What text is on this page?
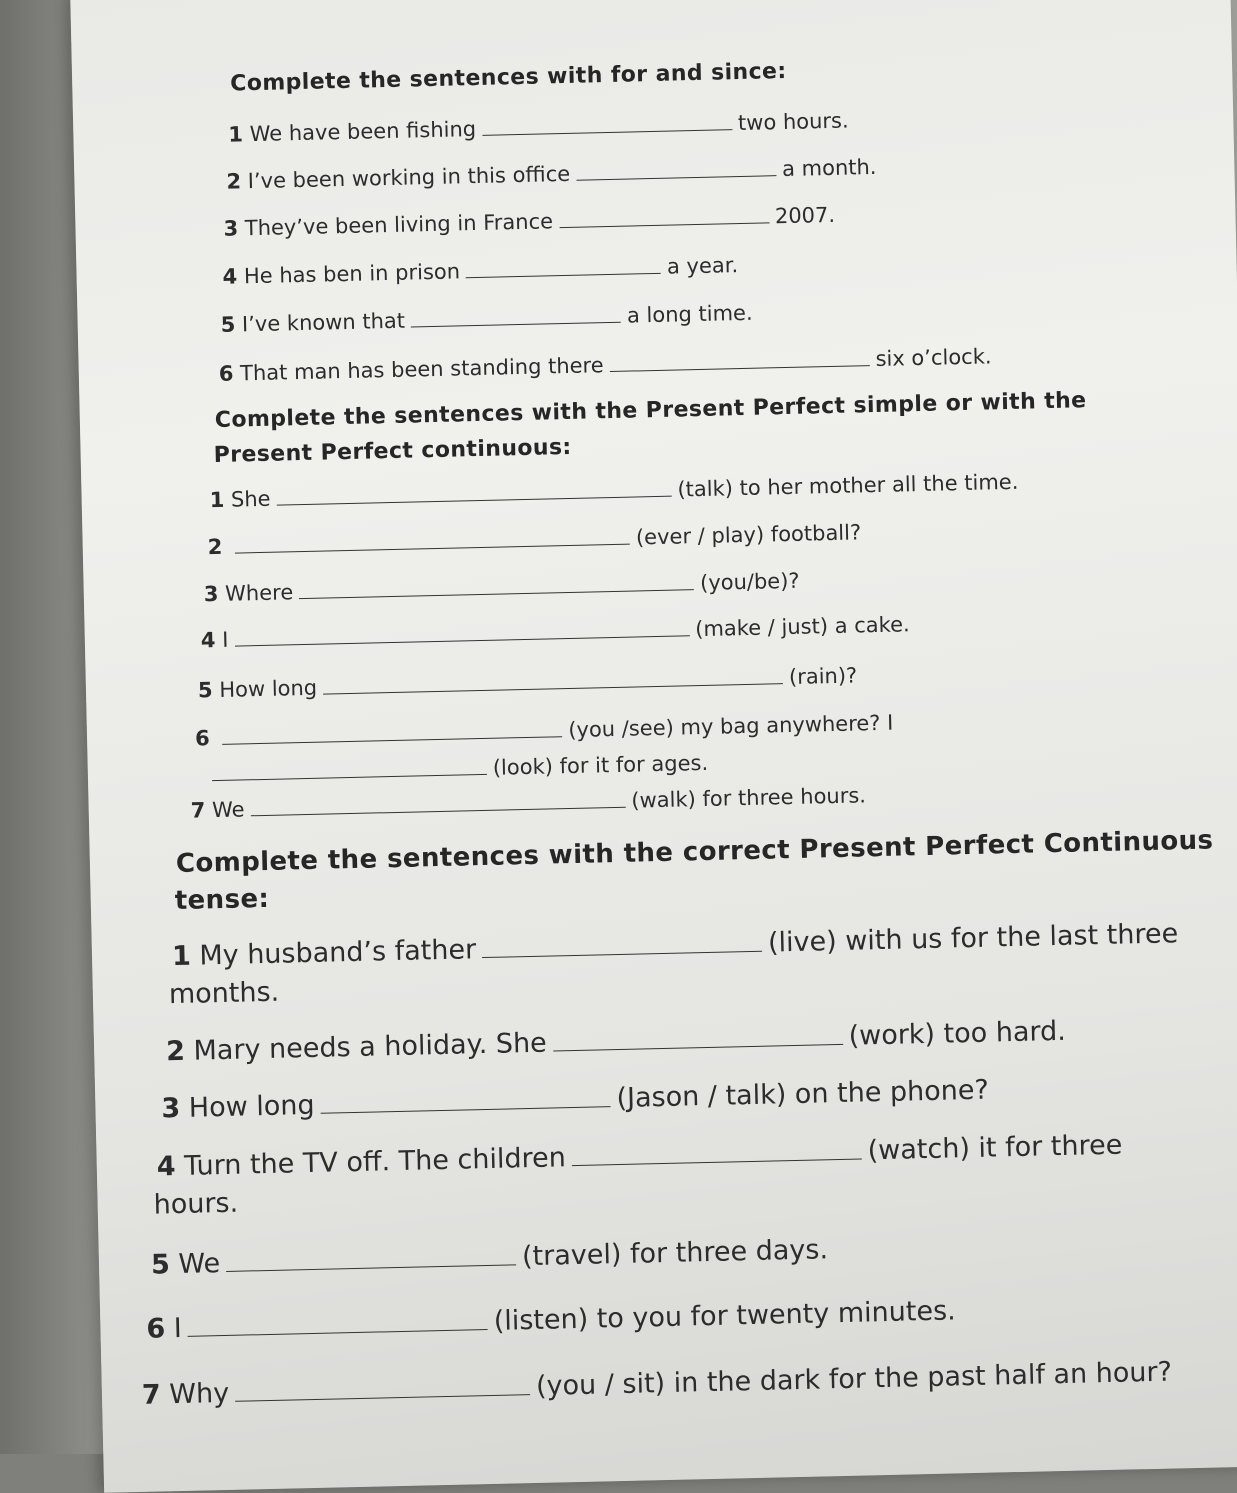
Complete the sentences with for and since:
1 We have been fishing	two hours.
2 I’ve been working in this office	a month.
3 They’ve been living in France	2007.
4 He has ben in prison	a year.
5 I’ve known that	a long time.
6 That man has been standing there	six o’clock.
Complete the sentences with the Present Perfect simple or with the
Present Perfect continuous:
1 She	(talk) to her mother all the time.
2	(ever / play) football?
3 Where	(you/be)?
4 I	(make / just) a cake.
5 How long	(rain)?
6	(you /see) my bag anywhere? I
(look) for it for ages.
7 We	(walk) for three hours.
Complete the sentences with the correct Present Perfect Continuous
tense:
1 My husband’s father	(live) with us for the last three
months.
2 Mary needs a holiday. She	(work) too hard.
3 How long	(Jason / talk) on the phone?
4 Turn the TV off. The children	(watch) it for three
hours.
5 We	(travel) for three days.
6 I	(listen) to you for twenty minutes.
7 Why	(you / sit) in the dark for the past half an hour?
